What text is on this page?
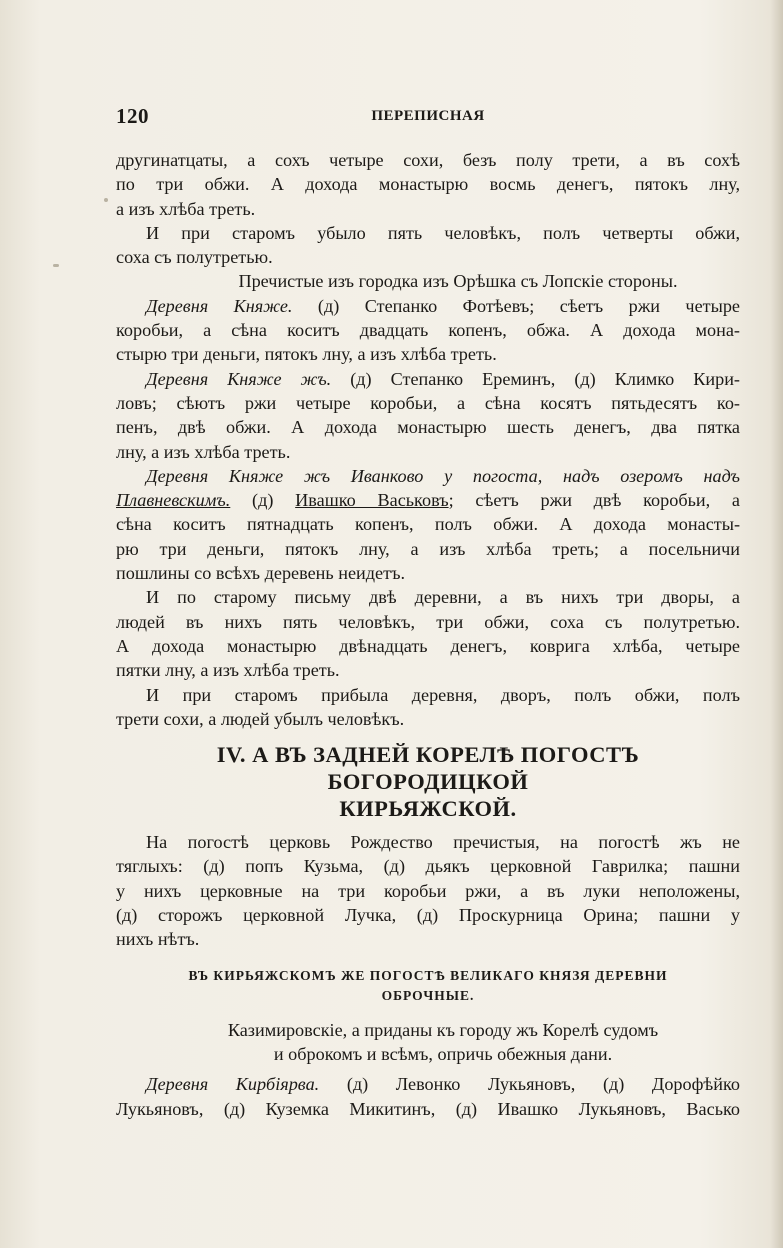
120	ПЕРЕПИСНАЯ

другинатцаты, а сохъ четыре сохи, безъ полу трети, а въ сохѣ

по три обжи. А дохода монастырю восмь денегъ, пятокъ лну,

а изъ хлѣба треть.

И при старомъ убыло пять человѣкъ, полъ четверты обжи,

соха съ полутретью.

Пречистые изъ городка изъ Орѣшка съ Лопскіе стороны.

Деревня Княже. (д) Степанко Фотѣевъ; сѣетъ ржи четыре

коробьи, а сѣна коситъ двадцать копенъ, обжа. А дохода мона-

стырю три деньги, пятокъ лну, а изъ хлѣба треть.

Деревня Княже жъ. (д) Степанко Ереминъ, (д) Климко Кири-

ловъ; сѣютъ ржи четыре коробьи, а сѣна косятъ пятьдесятъ ко-

пенъ, двѣ обжи. А дохода монастырю шесть денегъ, два пятка

лну, а изъ хлѣба треть.

Деревня Княже жъ Иванково у погоста, надъ озеромъ надъ

Плавневскимъ. (д) Ивашко Васьковъ; сѣетъ ржи двѣ коробьи, а

сѣна коситъ пятнадцать копенъ, полъ обжи. А дохода монасты-

рю три деньги, пятокъ лну, а изъ хлѣба треть; а посельничи

пошлины со всѣхъ деревень неидетъ.

И по старому письму двѣ деревни, а въ нихъ три дворы, а

людей въ нихъ пять человѣкъ, три обжи, соха съ полутретью.

А дохода монастырю двѣнадцать денегъ, коврига хлѣба, четыре

пятки лну, а изъ хлѣба треть.

И при старомъ прибыла деревня, дворъ, полъ обжи, полъ

трети сохи, а людей убылъ человѣкъ.

IV. А ВЪ ЗАДНЕЙ КОРЕЛѢ ПОГОСТЪ БОГОРОДИЦКОЙ
КИРЬЯЖСКОЙ.

На погостѣ церковь Рождество пречистыя, на погостѣ жъ не

тяглыхъ: (д) попъ Кузьма, (д) дьякъ церковной Гаврилка; пашни

у нихъ церковные на три коробьи ржи, а въ луки неположены,

(д) сторожъ церковной Лучка, (д) Проскурница Орина; пашни у

нихъ нѣтъ.

ВЪ КИРЬЯЖСКОМЪ ЖЕ ПОГОСТѢ ВЕЛИКАГО КНЯЗЯ ДЕРЕВНИ
ОБРОЧНЫЕ.

Казимировскіе, а приданы къ городу жъ Корелѣ судомъ

и оброкомъ и всѣмъ, опричь обежныя дани.

Деревня Кирбіярва. (д) Левонко Лукьяновъ, (д) Дорофѣйко

Лукьяновъ, (д) Куземка Микитинъ, (д) Ивашко Лукьяновъ, Васько
